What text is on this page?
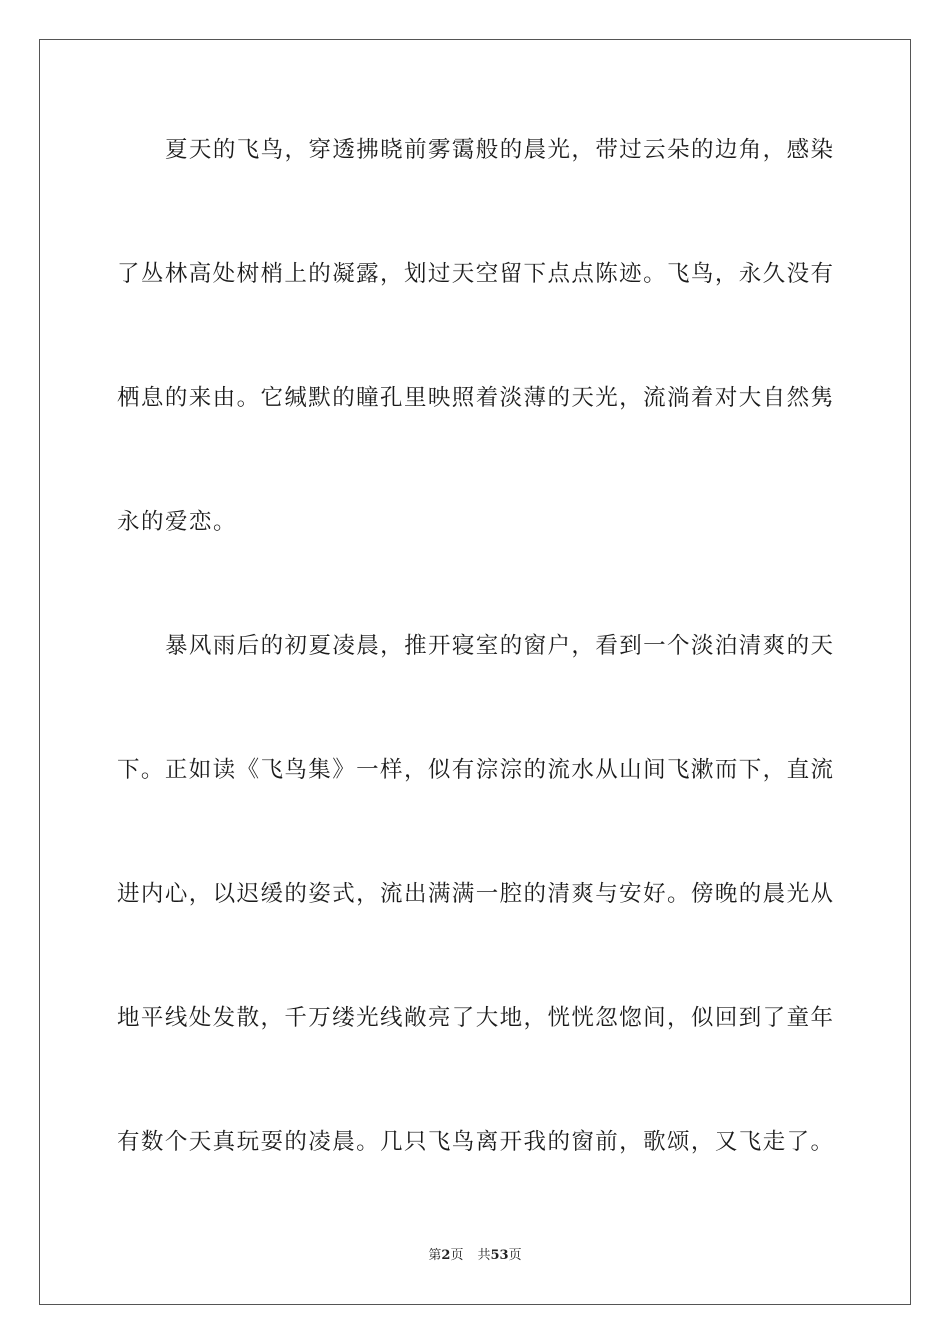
夏天的飞鸟，穿透拂晓前雾霭般的晨光，带过云朵的边角，感染
了丛林高处树梢上的凝露，划过天空留下点点陈迹。飞鸟，永久没有
栖息的来由。它缄默的瞳孔里映照着淡薄的天光，流淌着对大自然隽
永的爱恋。
暴风雨后的初夏凌晨，推开寝室的窗户，看到一个淡泊清爽的天
下。正如读《飞鸟集》一样，似有淙淙的流水从山间飞漱而下，直流
进内心，以迟缓的姿式，流出满满一腔的清爽与安好。傍晚的晨光从
地平线处发散，千万缕光线敞亮了大地，恍恍忽惚间，似回到了童年
有数个天真玩耍的凌晨。几只飞鸟离开我的窗前，歌颂，又飞走了。
第2页 共53页
